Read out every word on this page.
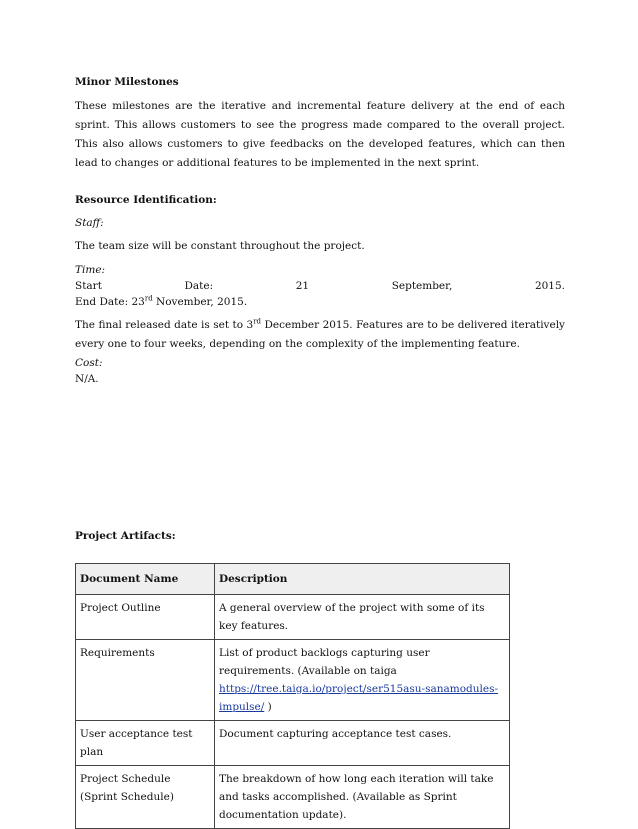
Minor Milestones
These milestones are the iterative and incremental feature delivery at the end of each sprint. This allows customers to see the progress made compared to the overall project. This also allows customers to give feedbacks on the developed features, which can then lead to changes or additional features to be implemented in the next sprint.
Resource Identification:
Staff:
The team size will be constant throughout the project.
Time:
Start	Date:	21	September,	2015.
End Date: 23rd November, 2015.
The final released date is set to 3rd December 2015. Features are to be delivered iteratively every one to four weeks, depending on the complexity of the implementing feature.
Cost:
N/A.
Project Artifacts:
Document Name	Description
Project Outline	A general overview of the project with some of its key features.
Requirements	List of product backlogs capturing user requirements. (Available on taiga https://tree.taiga.io/project/ser515asu-sanamodules-impulse/ )
User acceptance test plan	Document capturing acceptance test cases.
Project Schedule (Sprint Schedule)	The breakdown of how long each iteration will take and tasks accomplished. (Available as Sprint documentation update).
